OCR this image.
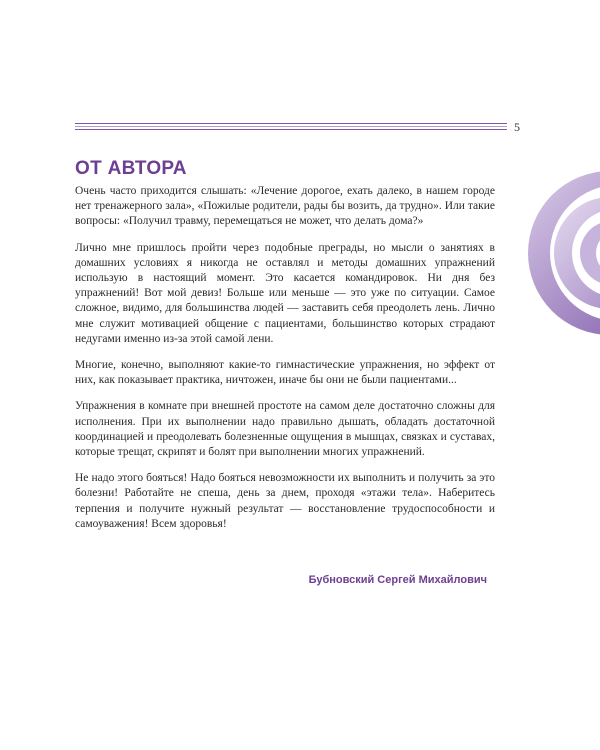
5
ОТ АВТОРА

Очень часто приходится слышать: «Лечение дорогое, ехать далеко, в нашем городе нет тренажерного зала», «Пожилые родители, рады бы возить, да трудно». Или такие вопросы: «Получил травму, перемещаться не может, что делать дома?»

Лично мне пришлось пройти через подобные преграды, но мысли о занятиях в домашних условиях я никогда не оставлял и методы домашних упражнений использую в настоящий момент. Это касается командировок. Ни дня без упражнений! Вот мой девиз! Больше или меньше — это уже по ситуации. Самое сложное, видимо, для большинства людей — заставить себя преодолеть лень. Лично мне служит мотивацией общение с пациентами, большинство которых страдают недугами именно из-за этой самой лени.

Многие, конечно, выполняют какие-то гимнастические упражнения, но эффект от них, как показывает практика, ничтожен, иначе бы они не были пациентами...

Упражнения в комнате при внешней простоте на самом деле достаточно сложны для исполнения. При их выполнении надо правильно дышать, обладать достаточной координацией и преодолевать болезненные ощущения в мышцах, связках и суставах, которые трещат, скрипят и болят при выполнении многих упражнений.

Не надо этого бояться! Надо бояться невозможности их выполнить и получить за это болезни! Работайте не спеша, день за днем, проходя «этажи тела». Наберитесь терпения и получите нужный результат — восстановление трудоспособности и самоуважения! Всем здоровья!

Бубновский Сергей Михайлович
